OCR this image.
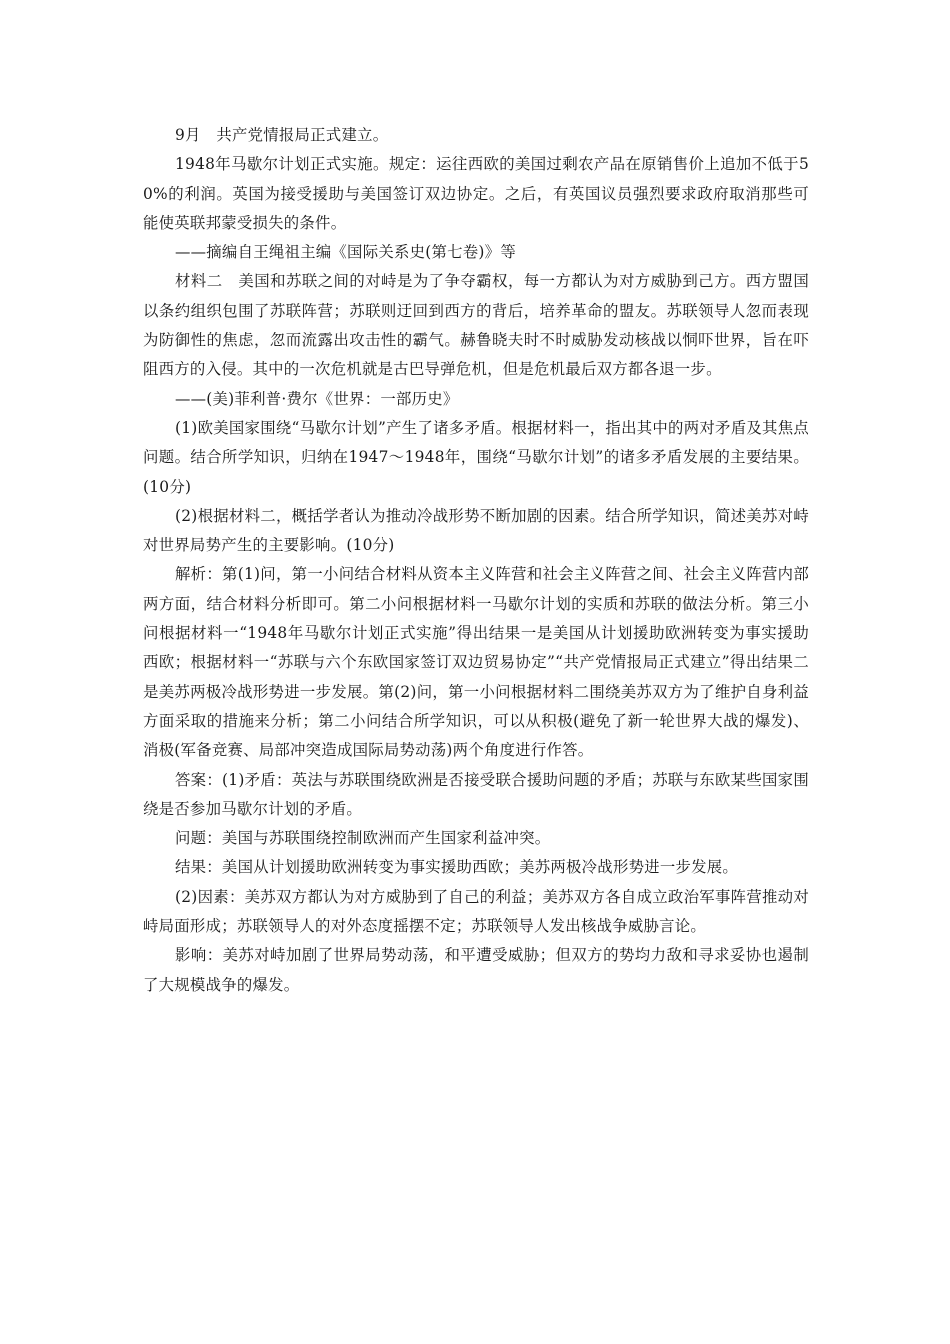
9月　共产党情报局正式建立。

1948年马歇尔计划正式实施。规定：运往西欧的美国过剩农产品在原销售价上追加不低于50%的利润。英国为接受援助与美国签订双边协定。之后，有英国议员强烈要求政府取消那些可能使英联邦蒙受损失的条件。

——摘编自王绳祖主编《国际关系史(第七卷)》等

材料二　美国和苏联之间的对峙是为了争夺霸权，每一方都认为对方威胁到己方。西方盟国以条约组织包围了苏联阵营；苏联则迂回到西方的背后，培养革命的盟友。苏联领导人忽而表现为防御性的焦虑，忽而流露出攻击性的霸气。赫鲁晓夫时不时威胁发动核战以恫吓世界，旨在吓阻西方的入侵。其中的一次危机就是古巴导弹危机，但是危机最后双方都各退一步。

——(美)菲利普·费尔《世界：一部历史》

(1)欧美国家围绕“马歇尔计划”产生了诸多矛盾。根据材料一，指出其中的两对矛盾及其焦点问题。结合所学知识，归纳在1947～1948年，围绕“马歇尔计划”的诸多矛盾发展的主要结果。(10分)

(2)根据材料二，概括学者认为推动冷战形势不断加剧的因素。结合所学知识，简述美苏对峙对世界局势产生的主要影响。(10分)

解析：第(1)问，第一小问结合材料从资本主义阵营和社会主义阵营之间、社会主义阵营内部两方面，结合材料分析即可。第二小问根据材料一马歇尔计划的实质和苏联的做法分析。第三小问根据材料一“1948年马歇尔计划正式实施”得出结果一是美国从计划援助欧洲转变为事实援助西欧；根据材料一“苏联与六个东欧国家签订双边贸易协定”“共产党情报局正式建立”得出结果二是美苏两极冷战形势进一步发展。第(2)问，第一小问根据材料二围绕美苏双方为了维护自身利益方面采取的措施来分析；第二小问结合所学知识，可以从积极(避免了新一轮世界大战的爆发)、消极(军备竞赛、局部冲突造成国际局势动荡)两个角度进行作答。

答案：(1)矛盾：英法与苏联围绕欧洲是否接受联合援助问题的矛盾；苏联与东欧某些国家围绕是否参加马歇尔计划的矛盾。

问题：美国与苏联围绕控制欧洲而产生国家利益冲突。

结果：美国从计划援助欧洲转变为事实援助西欧；美苏两极冷战形势进一步发展。

(2)因素：美苏双方都认为对方威胁到了自己的利益；美苏双方各自成立政治军事阵营推动对峙局面形成；苏联领导人的对外态度摇摆不定；苏联领导人发出核战争威胁言论。

影响：美苏对峙加剧了世界局势动荡，和平遭受威胁；但双方的势均力敌和寻求妥协也遏制了大规模战争的爆发。
